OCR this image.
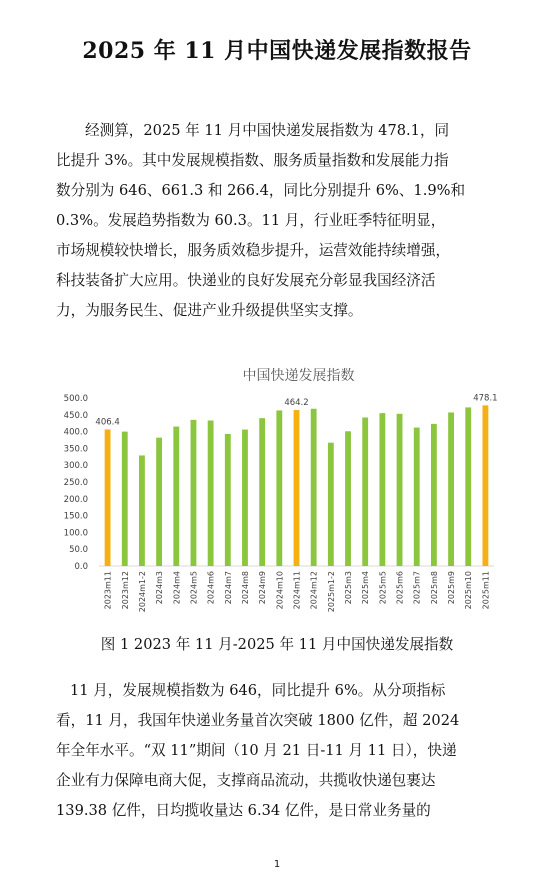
2025 年 11 月中国快递发展指数报告
经测算，2025 年 11 月中国快递发展指数为 478.1，同
比提升 3%。其中发展规模指数、服务质量指数和发展能力指
数分别为 646、661.3 和 266.4，同比分别提升 6%、1.9%和
0.3%。发展趋势指数为 60.3。11 月，行业旺季特征明显，
市场规模较快增长，服务质效稳步提升，运营效能持续增强，
科技装备扩大应用。快递业的良好发展充分彰显我国经济活
力，为服务民生、促进产业升级提供坚实支撑。
中国快递发展指数
0.0
50.0
100.0
150.0
200.0
250.0
300.0
350.0
400.0
450.0
500.0
2023m11
406.4
2023m12 2024m1-2 2024m3 2024m4 2024m5 2024m6 2024m7 2024m8 2024m9 2024m10 2024m11
464.2
2024m12 2025m1-2 2025m3 2025m4 2025m5 2025m6 2025m7 2025m8 2025m9 2025m10 2025m11
478.1
图 1 2023 年 11 月-2025 年 11 月中国快递发展指数
11 月，发展规模指数为 646，同比提升 6%。从分项指标
看，11 月，我国年快递业务量首次突破 1800 亿件，超 2024
年全年水平。“双 11”期间（10 月 21 日-11 月 11 日），快递
企业有力保障电商大促，支撑商品流动，共揽收快递包裹达
139.38 亿件，日均揽收量达 6.34 亿件，是日常业务量的
1
